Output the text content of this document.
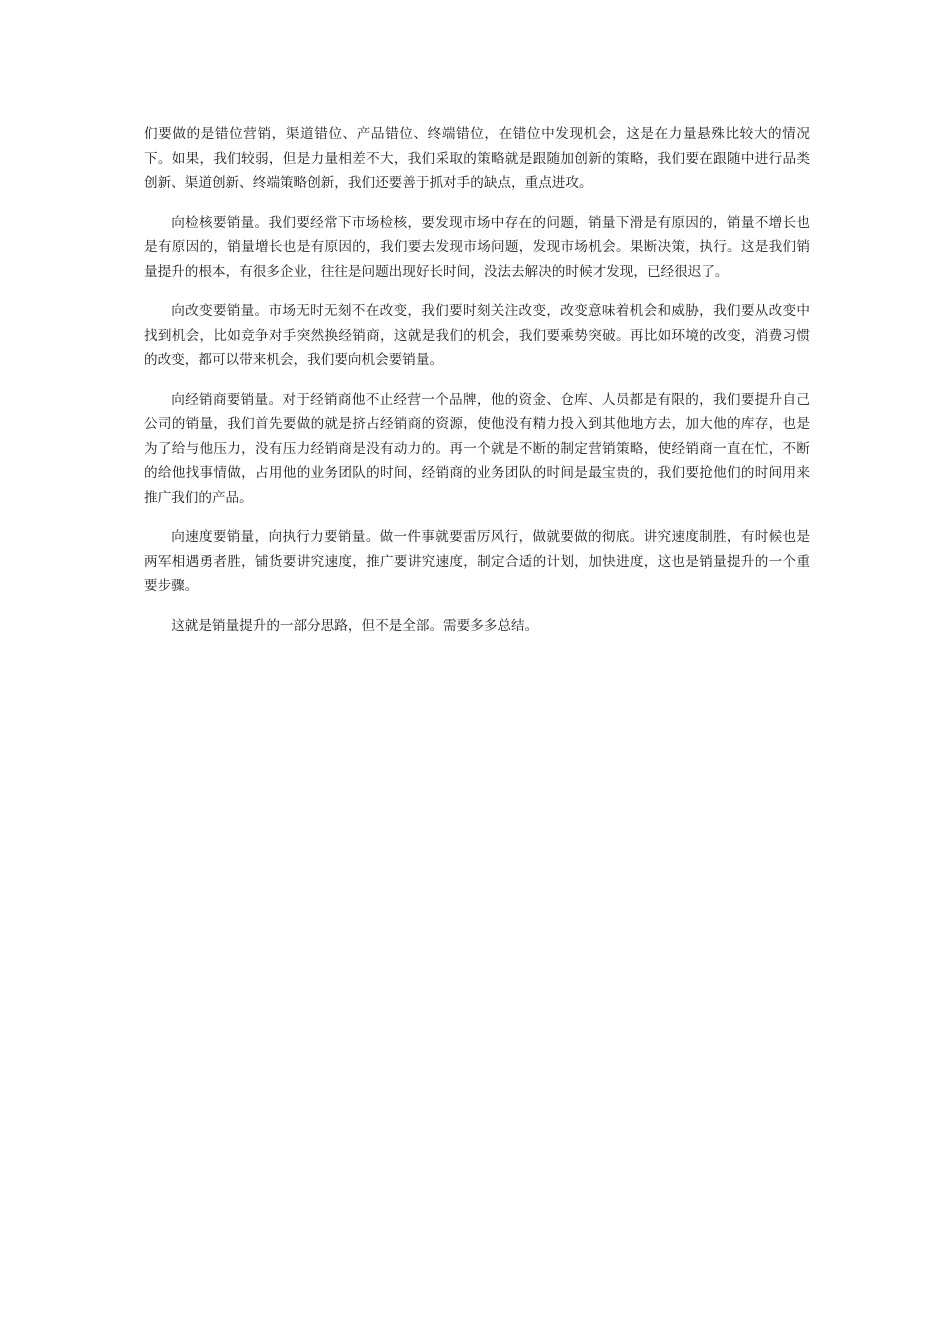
们要做的是错位营销，渠道错位、产品错位、终端错位，在错位中发现机会，这是在力量悬殊比较大的情况下。如果，我们较弱，但是力量相差不大，我们采取的策略就是跟随加创新的策略，我们要在跟随中进行品类创新、渠道创新、终端策略创新，我们还要善于抓对手的缺点，重点进攻。

向检核要销量。我们要经常下市场检核，要发现市场中存在的问题，销量下滑是有原因的，销量不增长也是有原因的，销量增长也是有原因的，我们要去发现市场问题，发现市场机会。果断决策，执行。这是我们销量提升的根本，有很多企业，往往是问题出现好长时间，没法去解决的时候才发现，已经很迟了。

向改变要销量。市场无时无刻不在改变，我们要时刻关注改变，改变意味着机会和威胁，我们要从改变中找到机会，比如竞争对手突然换经销商，这就是我们的机会，我们要乘势突破。再比如环境的改变，消费习惯的改变，都可以带来机会，我们要向机会要销量。

向经销商要销量。对于经销商他不止经营一个品牌，他的资金、仓库、人员都是有限的，我们要提升自己公司的销量，我们首先要做的就是挤占经销商的资源，使他没有精力投入到其他地方去，加大他的库存，也是为了给与他压力，没有压力经销商是没有动力的。再一个就是不断的制定营销策略，使经销商一直在忙，不断的给他找事情做，占用他的业务团队的时间，经销商的业务团队的时间是最宝贵的，我们要抢他们的时间用来推广我们的产品。

向速度要销量，向执行力要销量。做一件事就要雷厉风行，做就要做的彻底。讲究速度制胜，有时候也是两军相遇勇者胜，铺货要讲究速度，推广要讲究速度，制定合适的计划，加快进度，这也是销量提升的一个重要步骤。

这就是销量提升的一部分思路，但不是全部。需要多多总结。
